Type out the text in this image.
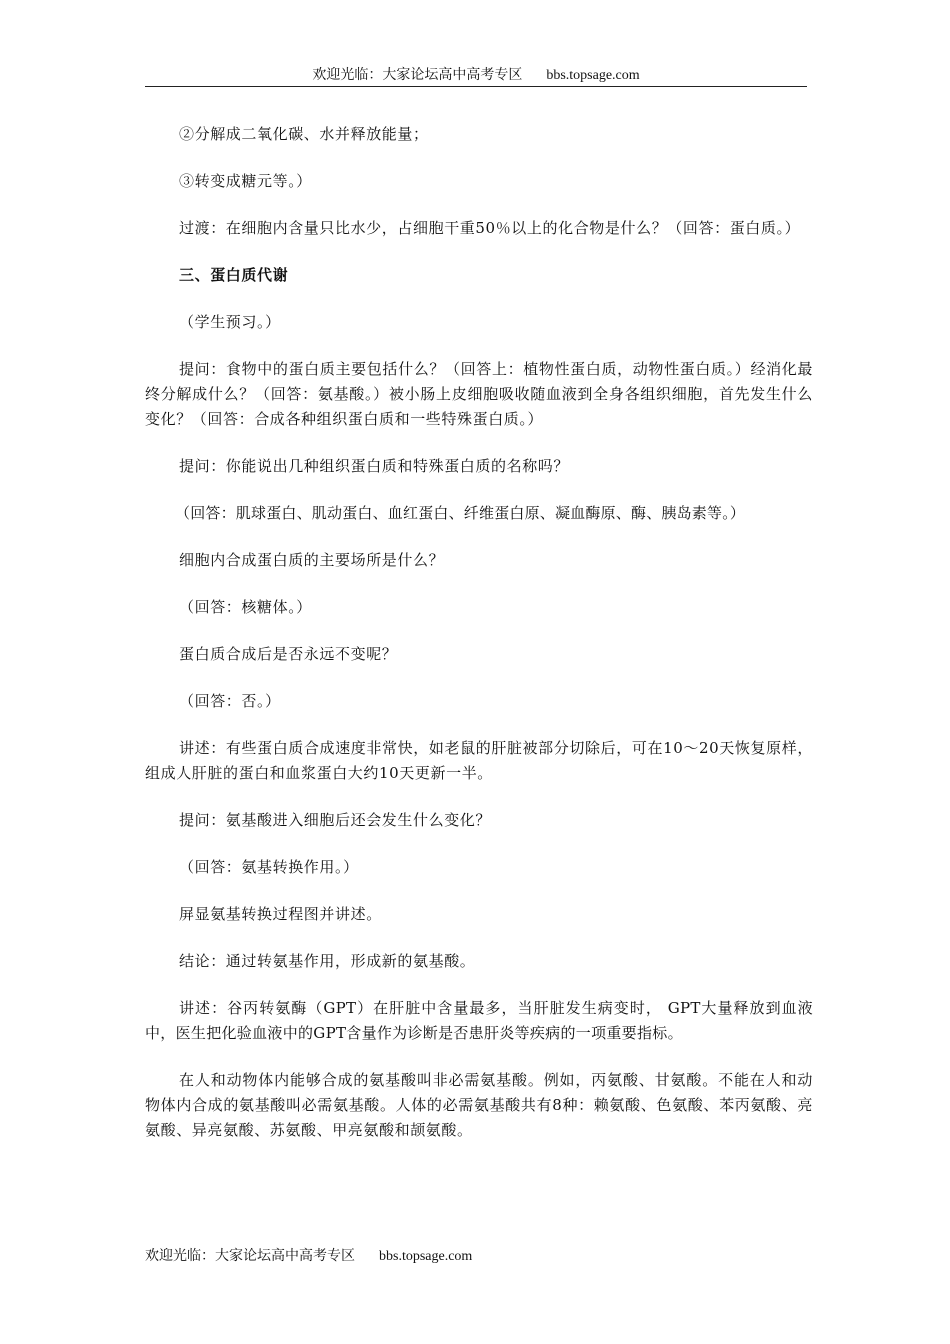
欢迎光临：大家论坛高中高考专区 bbs.topsage.com

②分解成二氧化碳、水并释放能量；

③转变成糖元等。）

过渡：在细胞内含量只比水少，占细胞干重50％以上的化合物是什么？（回答：蛋白质。）

三、蛋白质代谢

（学生预习。）

提问：食物中的蛋白质主要包括什么？（回答上：植物性蛋白质，动物性蛋白质。）经消化最终分解成什么？（回答：氨基酸。）被小肠上皮细胞吸收随血液到全身各组织细胞，首先发生什么变化？（回答：合成各种组织蛋白质和一些特殊蛋白质。）

提问：你能说出几种组织蛋白质和特殊蛋白质的名称吗？

（回答：肌球蛋白、肌动蛋白、血红蛋白、纤维蛋白原、凝血酶原、酶、胰岛素等。）

细胞内合成蛋白质的主要场所是什么？

（回答：核糖体。）

蛋白质合成后是否永远不变呢？

（回答：否。）

讲述：有些蛋白质合成速度非常快，如老鼠的肝脏被部分切除后，可在10～20天恢复原样，组成人肝脏的蛋白和血浆蛋白大约10天更新一半。

提问：氨基酸进入细胞后还会发生什么变化？

（回答：氨基转换作用。）

屏显氨基转换过程图并讲述。

结论：通过转氨基作用，形成新的氨基酸。

讲述：谷丙转氨酶（GPT）在肝脏中含量最多，当肝脏发生病变时， GPT大量释放到血液中，医生把化验血液中的GPT含量作为诊断是否患肝炎等疾病的一项重要指标。

在人和动物体内能够合成的氨基酸叫非必需氨基酸。例如，丙氨酸、甘氨酸。不能在人和动物体内合成的氨基酸叫必需氨基酸。人体的必需氨基酸共有8种：赖氨酸、色氨酸、苯丙氨酸、亮氨酸、异亮氨酸、苏氨酸、甲亮氨酸和颉氨酸。

欢迎光临：大家论坛高中高考专区 bbs.topsage.com
